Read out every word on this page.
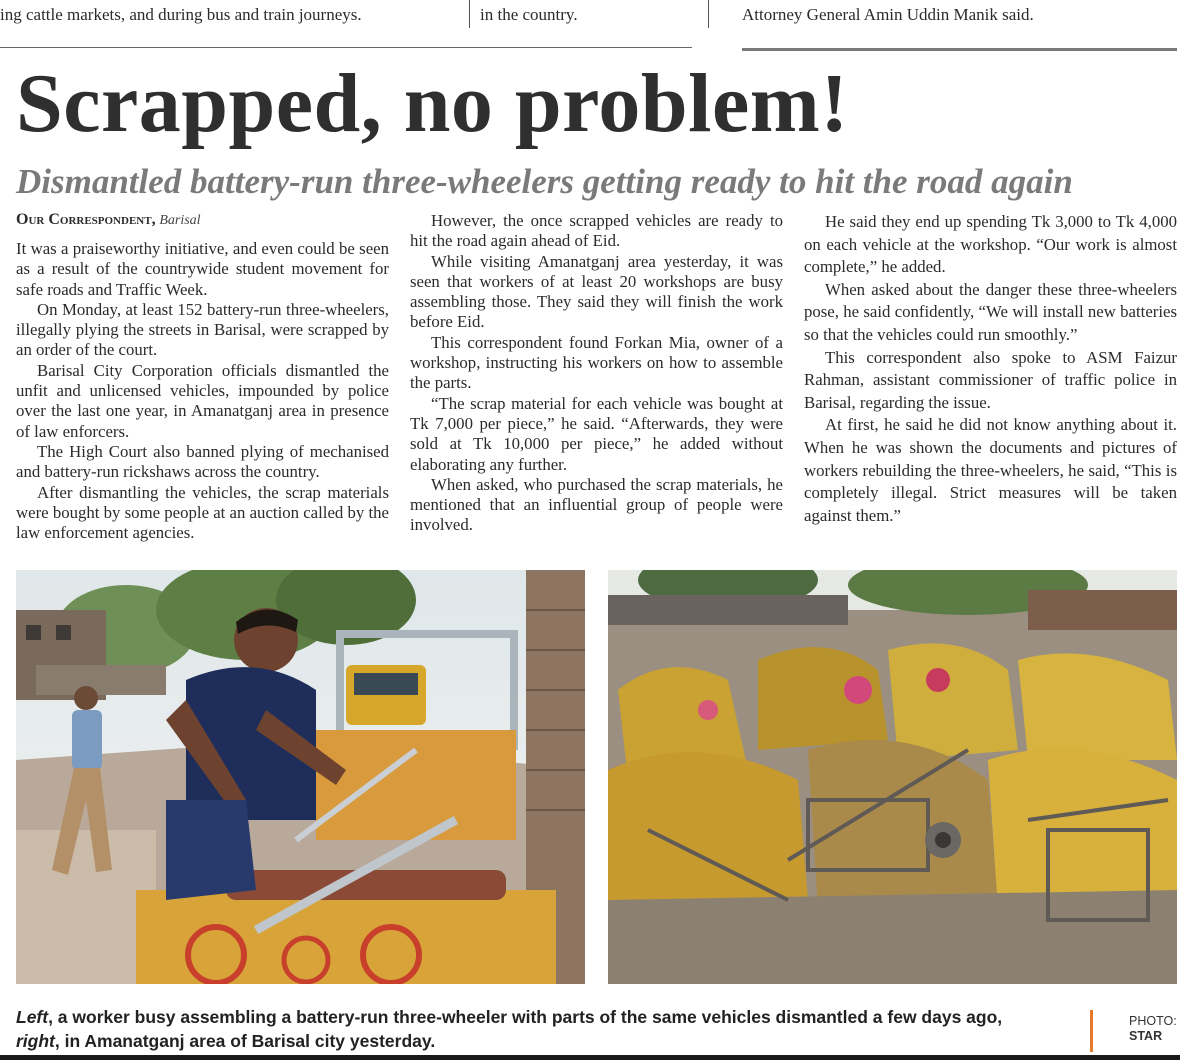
ing cattle markets, and during bus and train journeys.	in the country.	Attorney General Amin Uddin Manik said.
Scrapped, no problem!
Dismantled battery-run three-wheelers getting ready to hit the road again
Our Correspondent, Barisal

It was a praiseworthy initiative, and even could be seen as a result of the countrywide student movement for safe roads and Traffic Week.

On Monday, at least 152 battery-run three-wheelers, illegally plying the streets in Barisal, were scrapped by an order of the court.

Barisal City Corporation officials dismantled the unfit and unlicensed vehicles, impounded by police over the last one year, in Amanatganj area in presence of law enforcers.

The High Court also banned plying of mechanised and battery-run rickshaws across the country.

After dismantling the vehicles, the scrap materials were bought by some people at an auction called by the law enforcement agencies.

However, the once scrapped vehicles are ready to hit the road again ahead of Eid.

While visiting Amanatganj area yesterday, it was seen that workers of at least 20 workshops are busy assembling those. They said they will finish the work before Eid.

This correspondent found Forkan Mia, owner of a workshop, instructing his workers on how to assemble the parts.

“The scrap material for each vehicle was bought at Tk 7,000 per piece,” he said. “Afterwards, they were sold at Tk 10,000 per piece,” he added without elaborating any further.

When asked, who purchased the scrap materials, he mentioned that an influential group of people were involved.

He said they end up spending Tk 3,000 to Tk 4,000 on each vehicle at the workshop. “Our work is almost complete,” he added.

When asked about the danger these three-wheelers pose, he said confidently, “We will install new batteries so that the vehicles could run smoothly.”

This correspondent also spoke to ASM Faizur Rahman, assistant commissioner of traffic police in Barisal, regarding the issue.

At first, he said he did not know anything about it. When he was shown the documents and pictures of workers rebuilding the three-wheelers, he said, “This is completely illegal. Strict measures will be taken against them.”

Left, a worker busy assembling a battery-run three-wheeler with parts of the same vehicles dismantled a few days ago,
right, in Amanatganj area of Barisal city yesterday.
PHOTO:
STAR
